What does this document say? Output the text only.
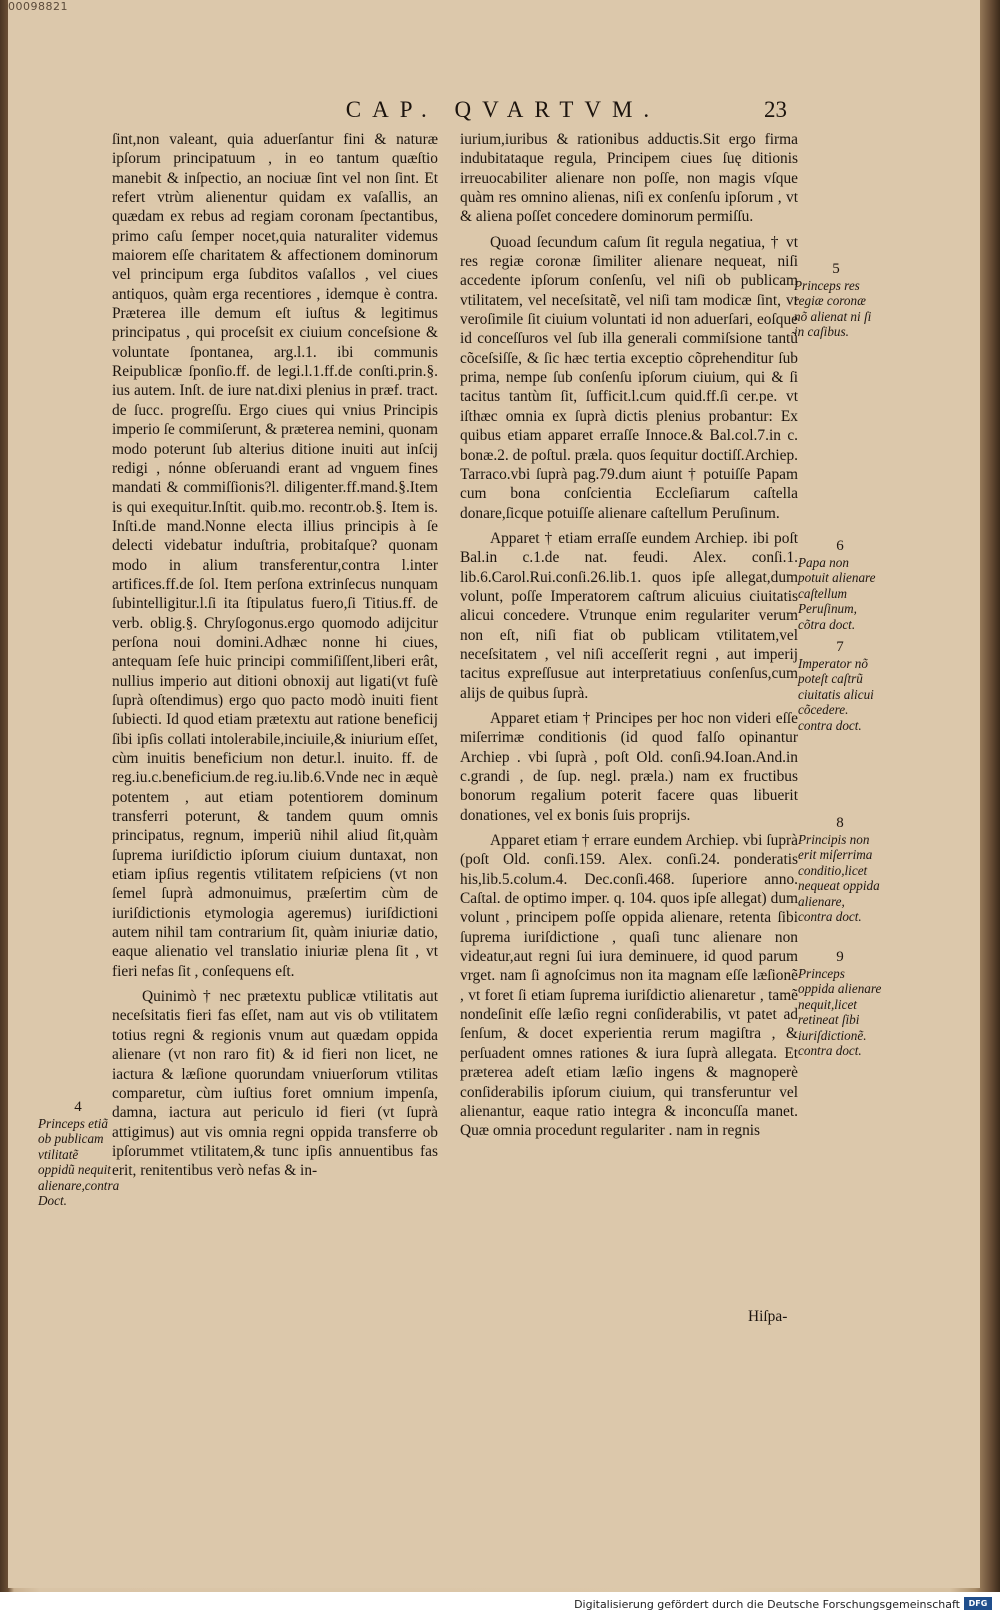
00098821
CAP. QVARTVM.	23

ſint,non valeant, quia aduerſantur fini & naturæ ipſorum principatuum , in eo tantum quæſtio manebit & inſpectio, an nociuæ ſint vel non ſint. Et refert vtrùm alienentur quidam ex vaſallis, an quædam ex rebus ad regiam coronam ſpectantibus, primo caſu ſemper nocet,quia naturaliter videmus maiorem eſſe charitatem & affectionem dominorum vel principum erga ſubditos vaſallos , vel ciues antiquos, quàm erga recentiores , idemque è contra. Præterea ille demum eſt iuſtus & legitimus principatus , qui proceſsit ex ciuium conceſsione & voluntate ſpontanea, arg.l.1. ibi communis Reipublicæ ſponſio.ff. de legi.l.1.ff.de conſti.prin.§. ius autem. Inſt. de iure nat.dixi plenius in præf. tract. de ſucc. progreſſu. Ergo ciues qui vnius Principis imperio ſe commiſerunt, & præterea nemini, quonam modo poterunt ſub alterius ditione inuiti aut inſcij redigi , nónne obſeruandi erant ad vnguem fines mandati & commiſſionis?l. diligenter.ff.mand.§.Item is qui exequitur.Inſtit. quib.mo. recontr.ob.§. Item is. Inſti.de mand.Nonne electa illius principis à ſe delecti videbatur induſtria, probitaſque? quonam modo in alium transferentur,contra l.inter artifices.ff.de ſol. Item perſona extrinſecus nunquam ſubintelligitur.l.ſi ita ſtipulatus fuero,ſi Titius.ff. de verb. oblig.§. Chryſogonus.ergo quomodo adijcitur perſona noui domini.Adhæc nonne hi ciues, antequam ſeſe huic principi commiſiſſent,liberi erât, nullius imperio aut ditioni obnoxij aut ligati(vt fuſè ſuprà oſtendimus) ergo quo pacto modò inuiti fient ſubiecti. Id quod etiam prætextu aut ratione beneficij ſibi ipſis collati intolerabile,inciuile,& iniurium eſſet, cùm inuitis beneficium non detur.l. inuito. ff. de reg.iu.c.beneficium.de reg.iu.lib.6.Vnde nec in æquè potentem , aut etiam potentiorem dominum transferri poterunt, & tandem quum omnis principatus, regnum, imperiũ nihil aliud ſit,quàm ſuprema iuriſdictio ipſorum ciuium duntaxat, non etiam ipſius regentis vtilitatem reſpiciens (vt non ſemel ſuprà admonuimus, præſertim cùm de iuriſdictionis etymologia ageremus) iuriſdictioni autem nihil tam contrarium ſit, quàm iniuriæ datio, eaque alienatio vel translatio iniuriæ plena ſit , vt fieri nefas ſit , conſequens eſt.

Quinimò † nec prætextu publicæ vtilitatis aut neceſsitatis fieri fas eſſet, nam aut vis ob vtilitatem totius regni & regionis vnum aut quædam oppida alienare (vt non raro fit) & id fieri non licet, ne iactura & læſione quorundam vniuerſorum vtilitas comparetur, cùm iuſtius foret omnium impenſa, damna, iactura aut periculo id fieri (vt ſuprà attigimus) aut vis omnia regni oppida transferre ob ipſorummet vtilitatem,& tunc ipſis annuentibus fas erit, renitentibus verò nefas & in-

iurium,iuribus & rationibus adductis.Sit ergo firma indubitataque regula, Principem ciues ſuę ditionis irreuocabiliter alienare non poſſe, non magis vſque quàm res omnino alienas, niſi ex conſenſu ipſorum , vt & aliena poſſet concedere dominorum permiſſu.

Quoad ſecundum caſum ſit regula negatiua, † vt res regiæ coronæ ſimiliter alienare nequeat, niſi accedente ipſorum conſenſu, vel niſi ob publicam vtilitatem, vel neceſsitatẽ, vel niſi tam modicæ ſint, vt veroſimile ſit ciuium voluntati id non aduerſari, eoſque id conceſſuros vel ſub illa generali commiſsione tantũ cõceſsiſſe, & ſic hæc tertia exceptio cõprehenditur ſub prima, nempe ſub conſenſu ipſorum ciuium, qui & ſi tacitus tantùm ſit, ſufficit.l.cum quid.ff.ſi cer.pe. vt iſthæc omnia ex ſuprà dictis plenius probantur: Ex quibus etiam apparet erraſſe Innoce.& Bal.col.7.in c. bonæ.2. de poſtul. præla. quos ſequitur doctiſſ.Archiep. Tarraco.vbi ſuprà pag.79.dum aiunt † potuiſſe Papam cum bona conſcientia Eccleſiarum caſtella donare,ſicque potuiſſe alienare caſtellum Peruſinum.

Apparet † etiam erraſſe eundem Archiep. ibi poſt Bal.in c.1.de nat. feudi. Alex. conſi.1. lib.6.Carol.Rui.conſi.26.lib.1. quos ipſe allegat,dum volunt, poſſe Imperatorem caſtrum alicuius ciuitatis alicui concedere. Vtrunque enim regulariter verum non eſt, niſi fiat ob publicam vtilitatem,vel neceſsitatem , vel niſi acceſſerit regni , aut imperij tacitus expreſſusue aut interpretatiuus conſenſus,cum alijs de quibus ſuprà.

Apparet etiam † Principes per hoc non videri eſſe miſerrimæ conditionis (id quod falſo opinantur Archiep . vbi ſuprà , poſt Old. conſi.94.Ioan.And.in c.grandi , de ſup. negl. præla.) nam ex fructibus bonorum regalium poterit facere quas libuerit donationes, vel ex bonis ſuis proprijs.

Apparet etiam † errare eundem Archiep. vbi ſuprà (poſt Old. conſi.159. Alex. conſi.24. ponderatis his,lib.5.colum.4. Dec.conſi.468. ſuperiore anno. Caſtal. de optimo imper. q. 104. quos ipſe allegat) dum volunt , principem poſſe oppida alienare, retenta ſibi ſuprema iuriſdictione , quaſi tunc alienare non videatur,aut regni ſui iura deminuere, id quod parum vrget. nam ſi agnoſcimus non ita magnam eſſe læſionẽ , vt foret ſi etiam ſuprema iuriſdictio alienaretur , tamẽ nondeſinit eſſe læſio regni conſiderabilis, vt patet ad ſenſum, & docet experientia rerum magiſtra , & perſuadent omnes rationes & iura ſuprà allegata. Et præterea adeſt etiam læſio ingens & magnoperè conſiderabilis ipſorum ciuium, qui transferuntur vel alienantur, eaque ratio integra & inconcuſſa manet. Quæ omnia procedunt regulariter . nam in regnis

5
Princeps res regiæ coronæ nõ alienat ni ſi in caſibus.
6
Papa non potuit alienare caſtellum Peruſinum, cõtra doct.
7
Imperator nõ poteſt caſtrũ ciuitatis alicui cõcedere. contra doct.
8
Principis non erit miſerrima conditio,licet nequeat oppida alienare, contra doct.
9
Princeps oppida alienare nequit,licet retineat ſibi iuriſdictionẽ. contra doct.
4
Princeps etiã ob publicam vtilitatẽ oppidũ nequit alienare,contra Doct.
Hiſpa-
Digitalisierung gefördert durch die Deutsche Forschungsgemeinschaft	DFG
